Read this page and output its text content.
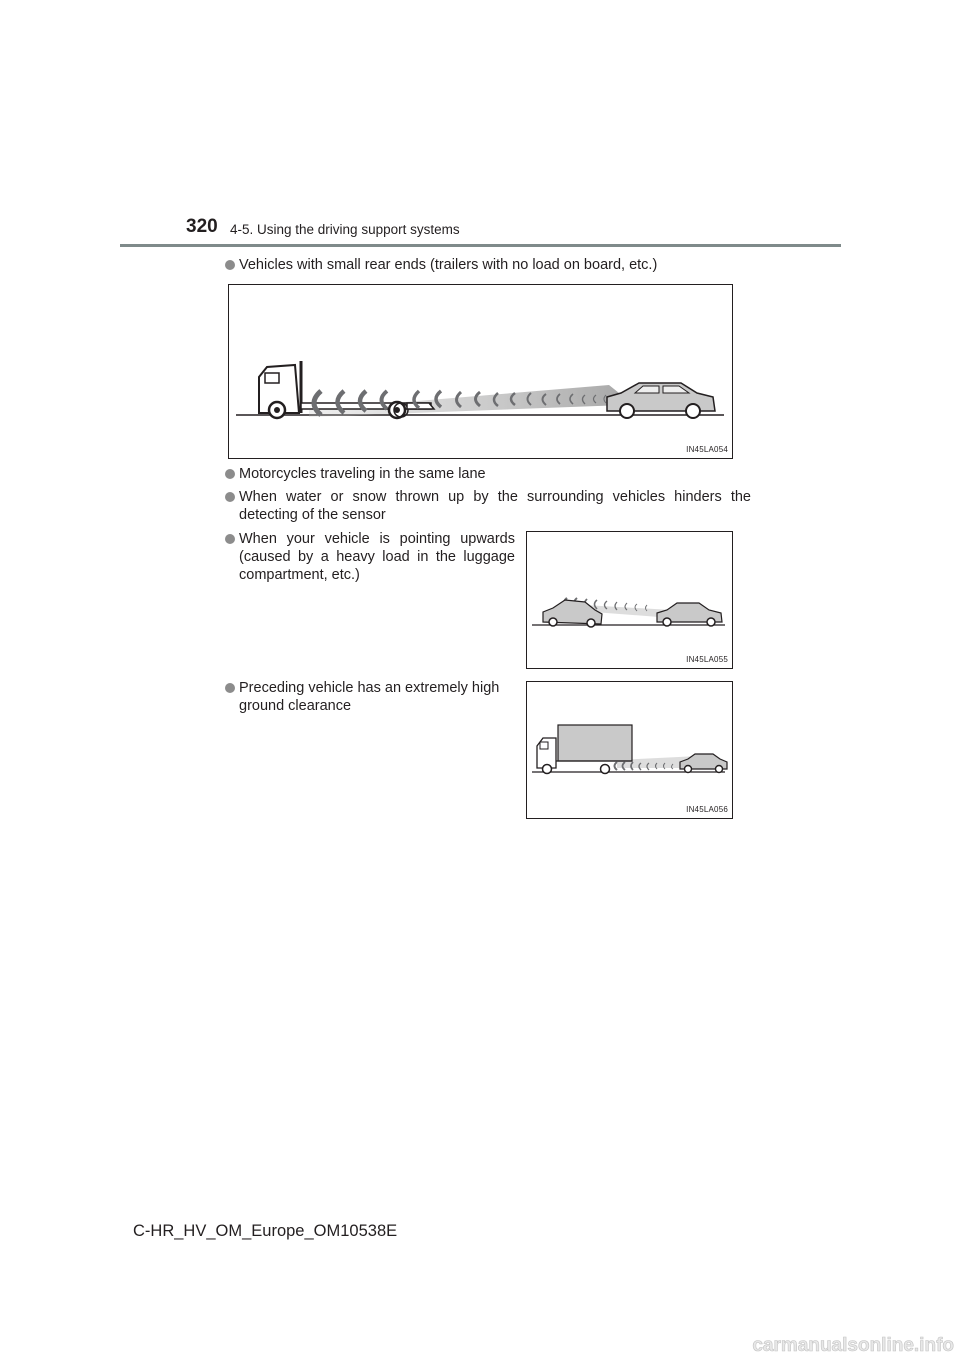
320 4-5. Using the driving support systems
Vehicles with small rear ends (trailers with no load on board, etc.)
IN45LA054
Motorcycles traveling in the same lane
When water or snow thrown up by the surrounding vehicles hinders the detecting of the sensor
When your vehicle is pointing upwards (caused by a heavy load in the luggage compartment, etc.)
IN45LA055
Preceding vehicle has an extremely high ground clearance
IN45LA056
C-HR_HV_OM_Europe_OM10538E
carmanualsonline.info
